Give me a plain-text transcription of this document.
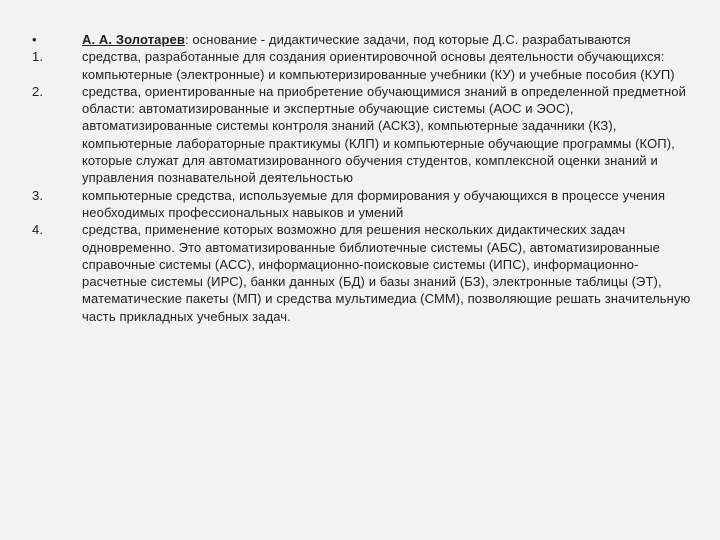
•	А. А. Золотарев: основание - дидактические задачи, под которые Д.С. разрабатываются
1.	средства, разработанные для создания ориентировочной основы деятельности обучающихся: компьютерные (электронные) и компьютеризированные учебники (КУ) и учебные пособия (КУП)
2.	средства, ориентированные на приобретение обучающимися знаний в определенной предметной области: автоматизированные и экспертные обучающие системы (АОС и ЭОС), автоматизированные системы контроля знаний (АСКЗ), компьютерные задачники (КЗ), компьютерные лабораторные практикумы (КЛП) и компьютерные обучающие программы (КОП), которые служат для автоматизированного обучения студентов, комплексной оценки знаний и управления познавательной деятельностью
3.	компьютерные средства, используемые для формирования у обучающихся в процессе учения необходимых профессиональных навыков и умений
4.	средства, применение которых возможно для решения нескольких дидактических задач одновременно. Это автоматизированные библиотечные системы (АБС), автоматизированные справочные системы (АСС), информационно-поисковые системы (ИПС), информационно-расчетные системы (ИРС), банки данных (БД) и базы знаний (БЗ), электронные таблицы (ЭТ), математические пакеты (МП) и средства мультимедиа (СММ), позволяющие решать значительную часть прикладных учебных задач.
